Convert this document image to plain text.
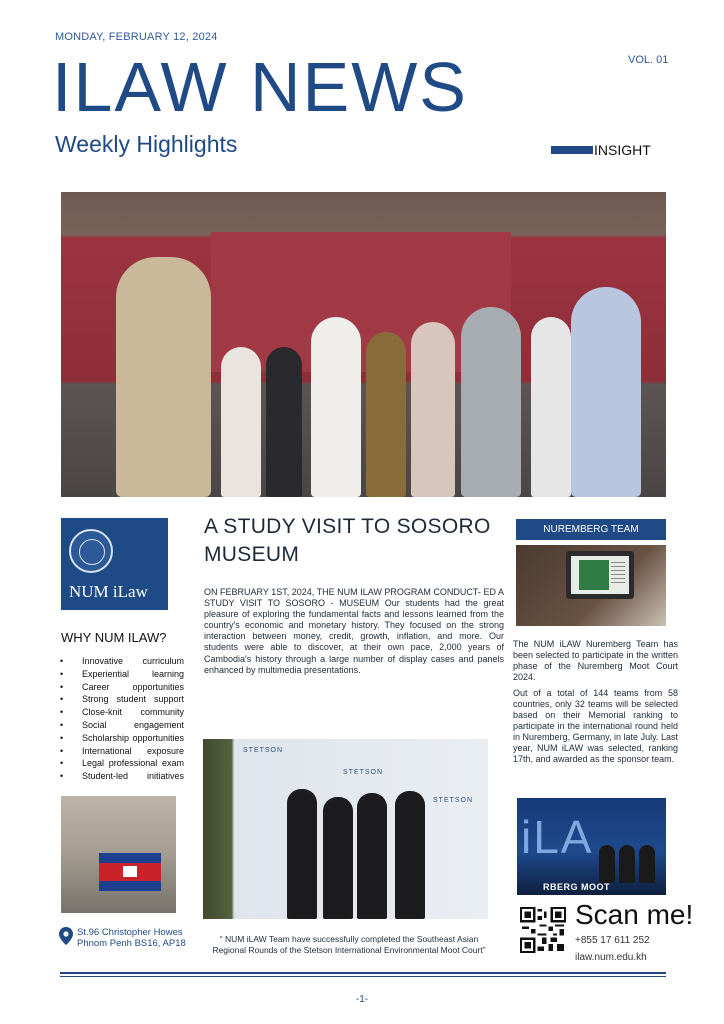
MONDAY, FEBRUARY 12, 2024
VOL. 01
ILAW NEWS
Weekly Highlights	INSIGHT
NUM iLaw
WHY NUM ILAW?
• Innovative curriculum
• Experiential learning
• Career opportunities
• Strong student support
• Close-knit community
• Social engagement
• Scholarship opportunities
• International exposure
• Legal professional exam
• Student-led initiatives
St.96 Christopher Howes
Phnom Penh BS16, AP18
A STUDY VISIT TO SOSORO MUSEUM
ON FEBRUARY 1ST, 2024, THE NUM ILAW PROGRAM CONDUCT- ED A STUDY VISIT TO SOSORO - MUSEUM Our students had the great pleasure of exploring the fundamental facts and lessons learned from the country's economic and monetary history. They focused on the strong interaction between money, credit, growth, inflation, and more. Our students were able to discover, at their own pace, 2,000 years of Cambodia's history through a large number of display cases and panels enhanced by multimedia presentations.
STETSON
STETSON
STETSON
“ NUM iLAW Team have successfully completed the Southeast Asian Regional Rounds of the Stetson International Environmental Moot Court”
NUREMBERG TEAM
The NUM iLAW Nuremberg Team has been selected to participate in the written phase of the Nuremberg Moot Court 2024.
Out of a total of 144 teams from 58 countries, only 32 teams will be selected based on their Memorial ranking to participate in the international round held in Nuremberg, Germany, in late July. Last year, NUM iLAW was selected, ranking 17th, and awarded as the sponsor team.
iLA
RBERG MOOT
Scan me!
+855 17 611 252
ilaw.num.edu.kh
-1-
